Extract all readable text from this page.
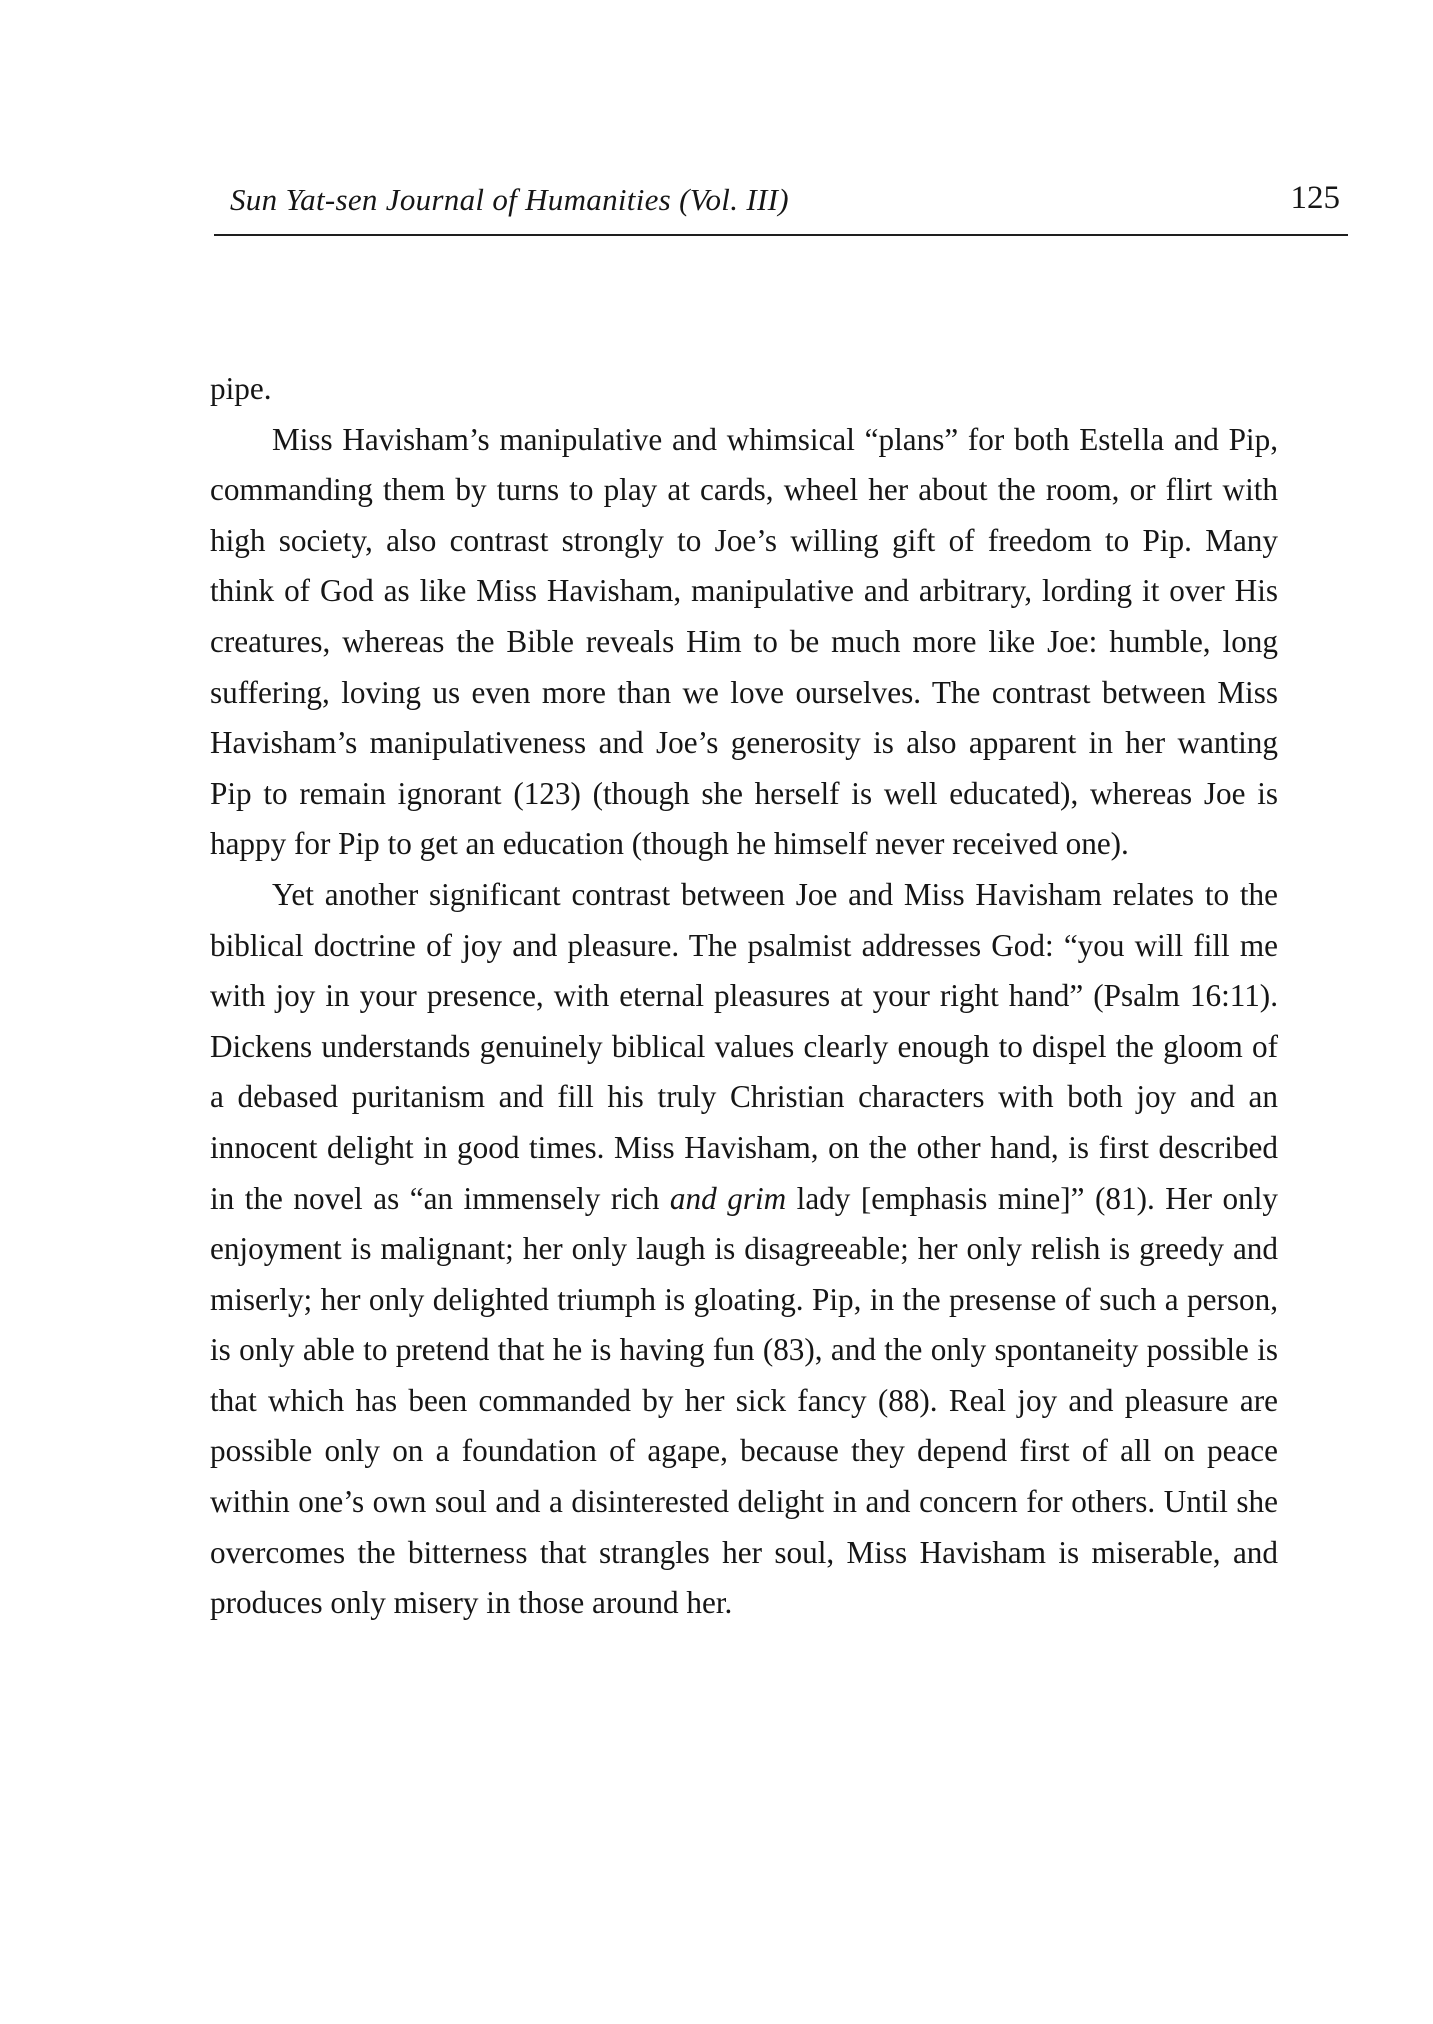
Sun Yat-sen Journal of Humanities (Vol. III)	125

pipe.

Miss Havisham’s manipulative and whimsical “plans” for both Estella and Pip, commanding them by turns to play at cards, wheel her about the room, or flirt with high society, also contrast strongly to Joe’s willing gift of freedom to Pip. Many think of God as like Miss Havisham, manipulative and arbitrary, lording it over His creatures, whereas the Bible reveals Him to be much more like Joe: humble, long suffering, loving us even more than we love ourselves. The contrast between Miss Havisham’s manipulativeness and Joe’s generosity is also apparent in her wanting Pip to remain ignorant (123) (though she herself is well educated), whereas Joe is happy for Pip to get an education (though he himself never received one).

Yet another significant contrast between Joe and Miss Havisham relates to the biblical doctrine of joy and pleasure. The psalmist addresses God: “you will fill me with joy in your presence, with eternal pleasures at your right hand” (Psalm 16:11). Dickens understands genuinely biblical values clearly enough to dispel the gloom of a debased puritanism and fill his truly Christian characters with both joy and an innocent delight in good times. Miss Havisham, on the other hand, is first described in the novel as “an immensely rich and grim lady [emphasis mine]” (81). Her only enjoyment is malignant; her only laugh is disagreeable; her only relish is greedy and miserly; her only delighted triumph is gloating. Pip, in the presense of such a person, is only able to pretend that he is having fun (83), and the only spontaneity possible is that which has been commanded by her sick fancy (88). Real joy and pleasure are possible only on a foundation of agape, because they depend first of all on peace within one’s own soul and a disinterested delight in and concern for others. Until she overcomes the bitterness that strangles her soul, Miss Havisham is miserable, and produces only misery in those around her.
